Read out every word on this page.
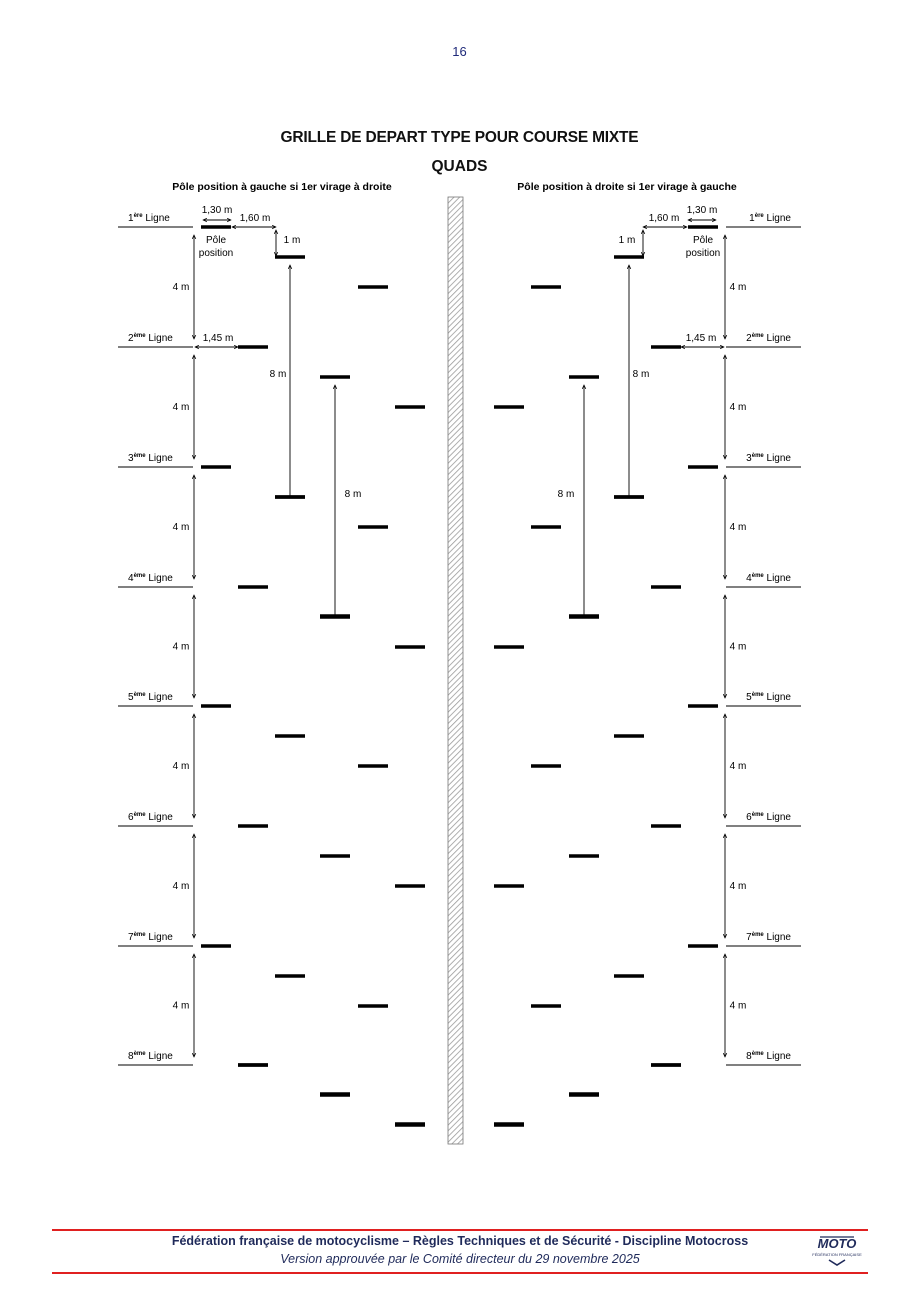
16
GRILLE DE DEPART TYPE POUR COURSE MIXTE
QUADS
Pôle position à gauche si 1er virage à droite	Pôle position à droite si 1er virage à gauche
1ère Ligne
4 m
2ème Ligne
4 m
3ème Ligne
4 m
4ème Ligne
4 m
5ème Ligne
4 m
6ème Ligne
4 m
7ème Ligne
4 m
8ème Ligne
1,30 m
1,60 m
1 m
Pôle
position
1,45 m
8 m
8 m
1ère Ligne
4 m
2ème Ligne
4 m
3ème Ligne
4 m
4ème Ligne
4 m
5ème Ligne
4 m
6ème Ligne
4 m
7ème Ligne
4 m
8ème Ligne
1,30 m
1,60 m
1 m	Pôle
position
1,45 m
8 m
8 m
Fédération française de motocyclisme – Règles Techniques et de Sécurité - Discipline Motocross
Version approuvée par le Comité directeur du 29 novembre 2025
MOTO
FÉDÉRATION FRANÇAISE
